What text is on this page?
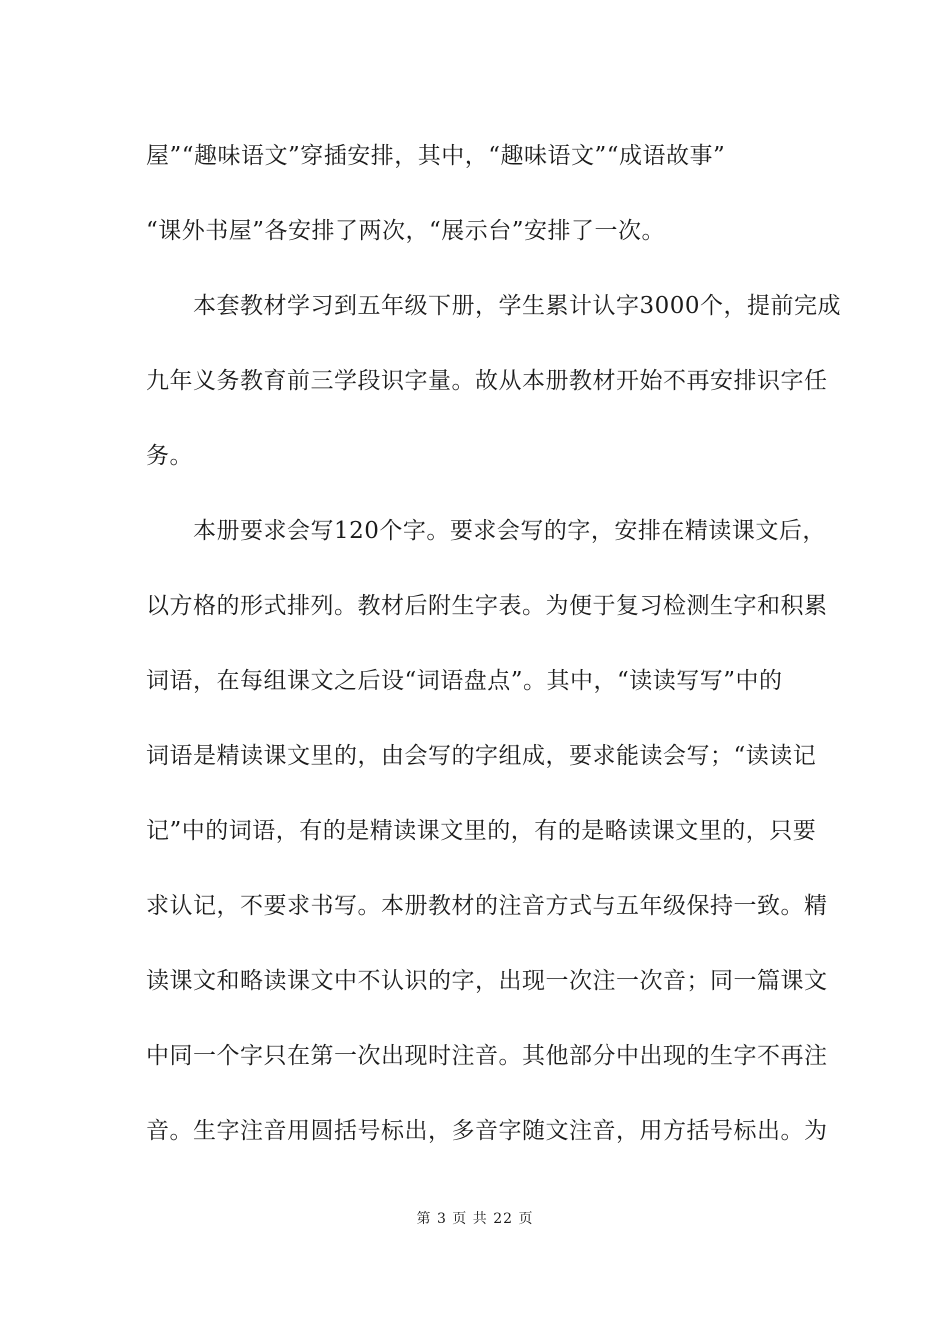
屋”“趣味语文”穿插安排，其中，“趣味语文”“成语故事”
“课外书屋”各安排了两次，“展示台”安排了一次。
　　本套教材学习到五年级下册，学生累计认字3000个，提前完成
九年义务教育前三学段识字量。故从本册教材开始不再安排识字任
务。
　　本册要求会写120个字。要求会写的字，安排在精读课文后，
以方格的形式排列。教材后附生字表。为便于复习检测生字和积累
词语，在每组课文之后设“词语盘点”。其中，“读读写写”中的
词语是精读课文里的，由会写的字组成，要求能读会写；“读读记
记”中的词语，有的是精读课文里的，有的是略读课文里的，只要
求认记，不要求书写。本册教材的注音方式与五年级保持一致。精
读课文和略读课文中不认识的字，出现一次注一次音；同一篇课文
中同一个字只在第一次出现时注音。其他部分中出现的生字不再注
音。生字注音用圆括号标出，多音字随文注音，用方括号标出。为
第 3 页 共 22 页
